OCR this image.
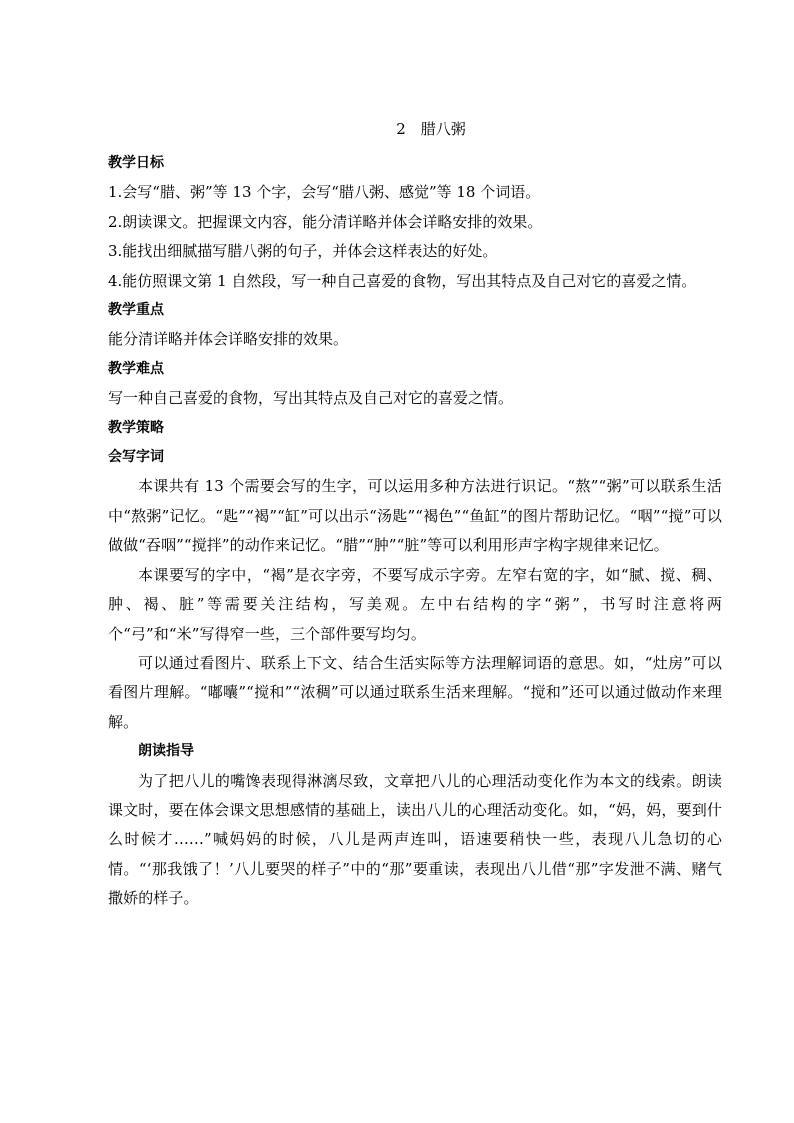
2　腊八粥
教学日标
1.会写“腊、粥”等 13 个字，会写“腊八粥、感觉”等 18 个词语。
2.朗读课文。把握课文内容，能分清详略并体会详略安排的效果。
3.能找出细腻描写腊八粥的句子，并体会这样表达的好处。
4.能仿照课文第 1 自然段，写一种自己喜爱的食物，写出其特点及自己对它的喜爱之情。
教学重点
能分清详略并体会详略安排的效果。
教学难点
写一种自己喜爱的食物，写出其特点及自己对它的喜爱之情。
教学策略
会写字词

本课共有 13 个需要会写的生字，可以运用多种方法进行识记。“熬”“粥”可以联系生活中“熬粥”记忆。“匙”“褐”“缸”可以出示“汤匙”“褐色”“鱼缸”的图片帮助记忆。“咽”“搅”可以做做“吞咽”“搅拌”的动作来记忆。“腊”“肿”“脏”等可以利用形声字构字规律来记忆。

本课要写的字中，“褐”是衣字旁，不要写成示字旁。左窄右宽的字，如“腻、搅、稠、肿、褐、脏”等需要关注结构，写美观。左中右结构的字“粥”，书写时注意将两个“弓”和“米”写得窄一些，三个部件要写均匀。

可以通过看图片、联系上下文、结合生活实际等方法理解词语的意思。如，“灶房”可以看图片理解。“嘟囔”“搅和”“浓稠”可以通过联系生活来理解。“搅和”还可以通过做动作来理解。

朗读指导

为了把八儿的嘴馋表现得淋漓尽致，文章把八儿的心理活动变化作为本文的线索。朗读课文时，要在体会课文思想感情的基础上，读出八儿的心理活动变化。如，“妈，妈，要到什么时候才……”喊妈妈的时候，八儿是两声连叫，语速要稍快一些，表现八儿急切的心情。“‘那我饿了！’八儿要哭的样子”中的“那”要重读，表现出八儿借“那”字发泄不满、赌气撒娇的样子。
